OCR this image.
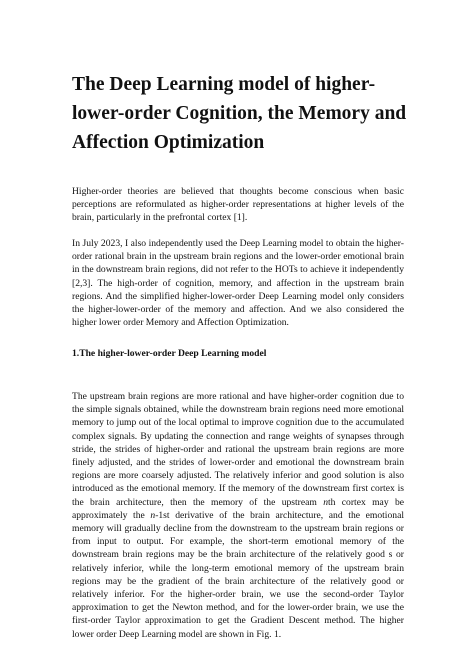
The Deep Learning model of higher-lower-order Cognition, the Memory and Affection Optimization

Higher-order theories are believed that thoughts become conscious when basic perceptions are reformulated as higher-order representations at higher levels of the brain, particularly in the prefrontal cortex [1].

In July 2023, I also independently used the Deep Learning model to obtain the higher-order rational brain in the upstream brain regions and the lower-order emotional brain in the downstream brain regions, did not refer to the HOTs to achieve it independently [2,3]. The high-order of cognition, memory, and affection in the upstream brain regions. And the simplified higher-lower-order Deep Learning model only considers the higher-lower-order of the memory and affection. And we also considered the higher lower order Memory and Affection Optimization.

1.The higher-lower-order Deep Learning model

The upstream brain regions are more rational and have higher-order cognition due to the simple signals obtained, while the downstream brain regions need more emotional memory to jump out of the local optimal to improve cognition due to the accumulated complex signals. By updating the connection and range weights of synapses through stride, the strides of higher-order and rational the upstream brain regions are more finely adjusted, and the strides of lower-order and emotional the downstream brain regions are more coarsely adjusted. The relatively inferior and good solution is also introduced as the emotional memory. If the memory of the downstream first cortex is the brain architecture, then the memory of the upstream nth cortex may be approximately the n-1st derivative of the brain architecture, and the emotional memory will gradually decline from the downstream to the upstream brain regions or from input to output. For example, the short-term emotional memory of the downstream brain regions may be the brain architecture of the relatively good s or relatively inferior, while the long-term emotional memory of the upstream brain regions may be the gradient of the brain architecture of the relatively good or relatively inferior. For the higher-order brain, we use the second-order Taylor approximation to get the Newton method, and for the lower-order brain, we use the first-order Taylor approximation to get the Gradient Descent method. The higher lower order Deep Learning model are shown in Fig. 1.
